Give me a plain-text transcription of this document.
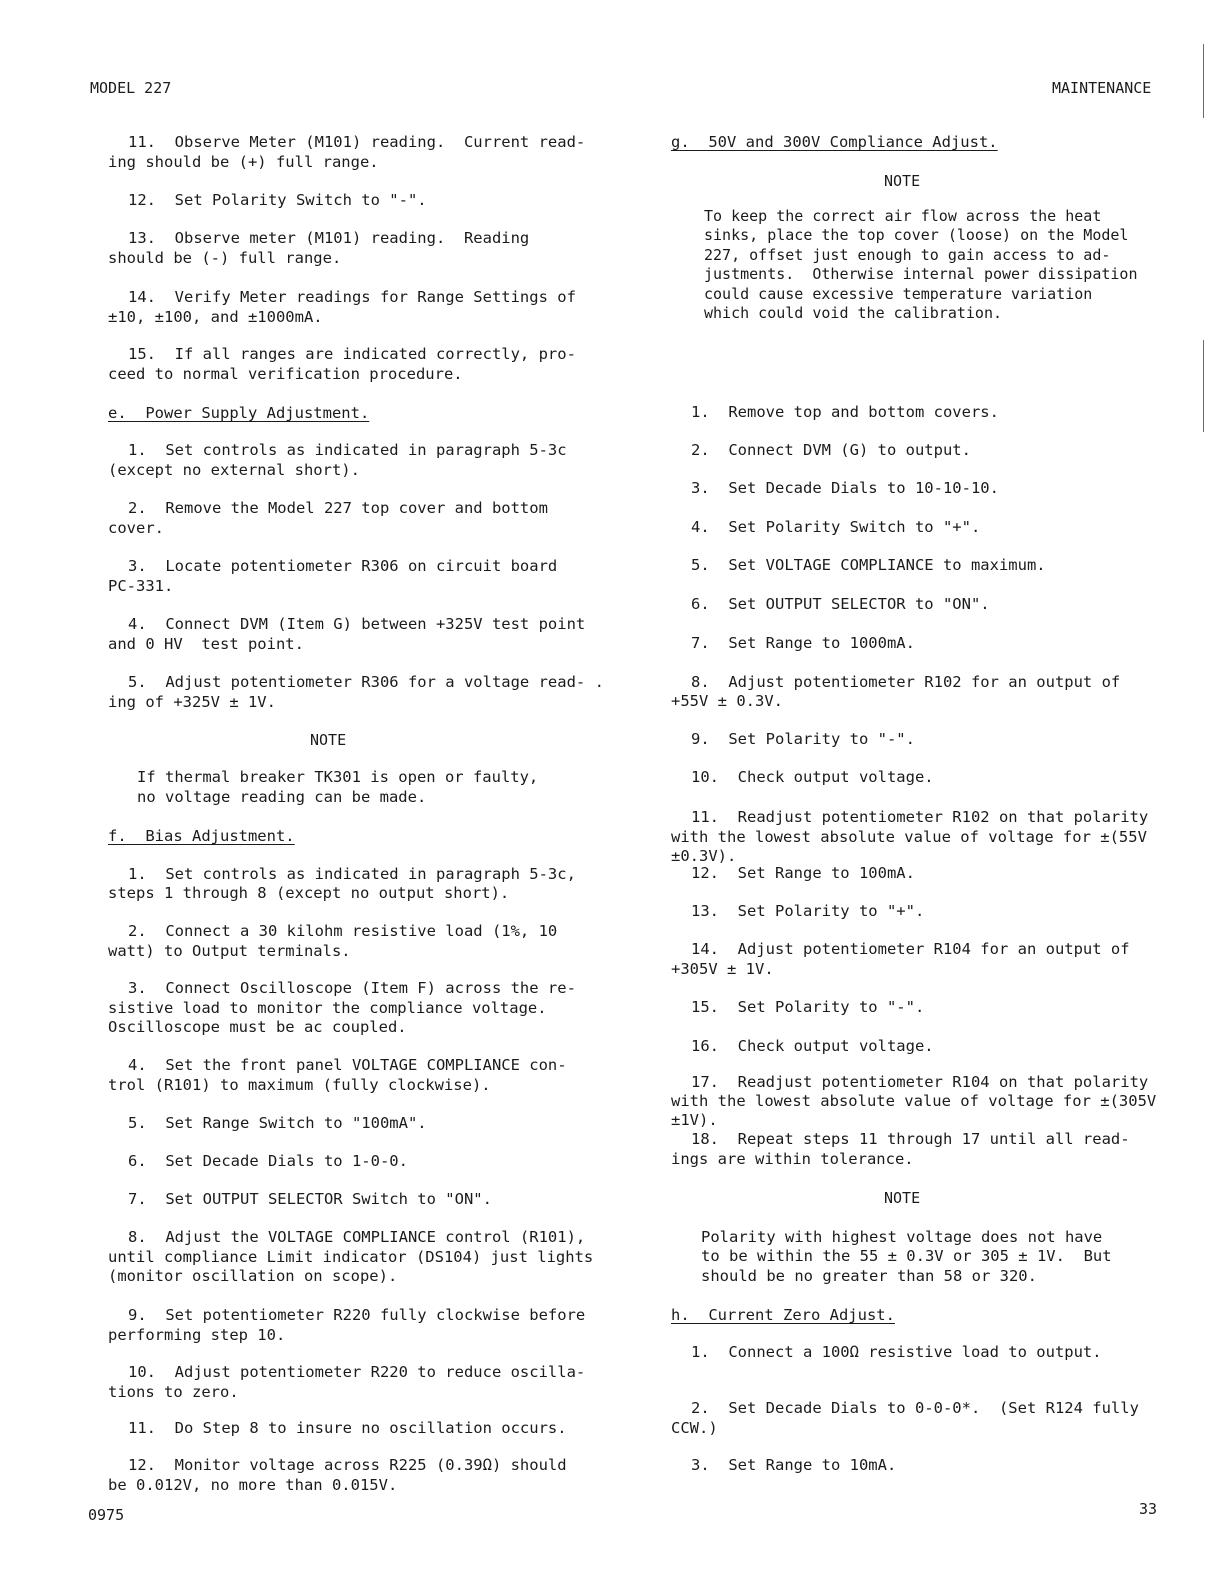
MODEL 227	MAINTENANCE
0975	33
11.  Observe Meter (M101) reading.  Current read-
ing should be (+) full range.
12.  Set Polarity Switch to "-".
13.  Observe meter (M101) reading.  Reading
should be (-) full range.
14.  Verify Meter readings for Range Settings of
±10, ±100, and ±1000mA.
15.  If all ranges are indicated correctly, pro-
ceed to normal verification procedure.
e.  Power Supply Adjustment.
1.  Set controls as indicated in paragraph 5-3c
(except no external short).
2.  Remove the Model 227 top cover and bottom
cover.
3.  Locate potentiometer R306 on circuit board
PC-331.
4.  Connect DVM (Item G) between +325V test point
and 0 HV  test point.
5.  Adjust potentiometer R306 for a voltage read- .
ing of +325V ± 1V.
NOTE
If thermal breaker TK301 is open or faulty,
no voltage reading can be made.
f.  Bias Adjustment.
1.  Set controls as indicated in paragraph 5-3c,
steps 1 through 8 (except no output short).
2.  Connect a 30 kilohm resistive load (1%, 10
watt) to Output terminals.
3.  Connect Oscilloscope (Item F) across the re-
sistive load to monitor the compliance voltage.
Oscilloscope must be ac coupled.
4.  Set the front panel VOLTAGE COMPLIANCE con-
trol (R101) to maximum (fully clockwise).
5.  Set Range Switch to "100mA".
6.  Set Decade Dials to 1-0-0.
7.  Set OUTPUT SELECTOR Switch to "ON".
8.  Adjust the VOLTAGE COMPLIANCE control (R101),
until compliance Limit indicator (DS104) just lights
(monitor oscillation on scope).
9.  Set potentiometer R220 fully clockwise before
performing step 10.
10.  Adjust potentiometer R220 to reduce oscilla-
tions to zero.
11.  Do Step 8 to insure no oscillation occurs.
12.  Monitor voltage across R225 (0.39Ω) should
be 0.012V, no more than 0.015V.
g.  50V and 300V Compliance Adjust.
NOTE
To keep the correct air flow across the heat
sinks, place the top cover (loose) on the Model
227, offset just enough to gain access to ad-
justments.  Otherwise internal power dissipation
could cause excessive temperature variation
which could void the calibration.
1.  Remove top and bottom covers.
2.  Connect DVM (G) to output.
3.  Set Decade Dials to 10-10-10.
4.  Set Polarity Switch to "+".
5.  Set VOLTAGE COMPLIANCE to maximum.
6.  Set OUTPUT SELECTOR to "ON".
7.  Set Range to 1000mA.
8.  Adjust potentiometer R102 for an output of
+55V ± 0.3V.
9.  Set Polarity to "-".
10.  Check output voltage.
11.  Readjust potentiometer R102 on that polarity
with the lowest absolute value of voltage for ±(55V
±0.3V).
12.  Set Range to 100mA.
13.  Set Polarity to "+".
14.  Adjust potentiometer R104 for an output of
+305V ± 1V.
15.  Set Polarity to "-".
16.  Check output voltage.
17.  Readjust potentiometer R104 on that polarity
with the lowest absolute value of voltage for ±(305V
±1V).
18.  Repeat steps 11 through 17 until all read-
ings are within tolerance.
NOTE
Polarity with highest voltage does not have
to be within the 55 ± 0.3V or 305 ± 1V.  But
should be no greater than 58 or 320.
h.  Current Zero Adjust.
1.  Connect a 100Ω resistive load to output.
2.  Set Decade Dials to 0-0-0*.  (Set R124 fully
CCW.)
3.  Set Range to 10mA.
